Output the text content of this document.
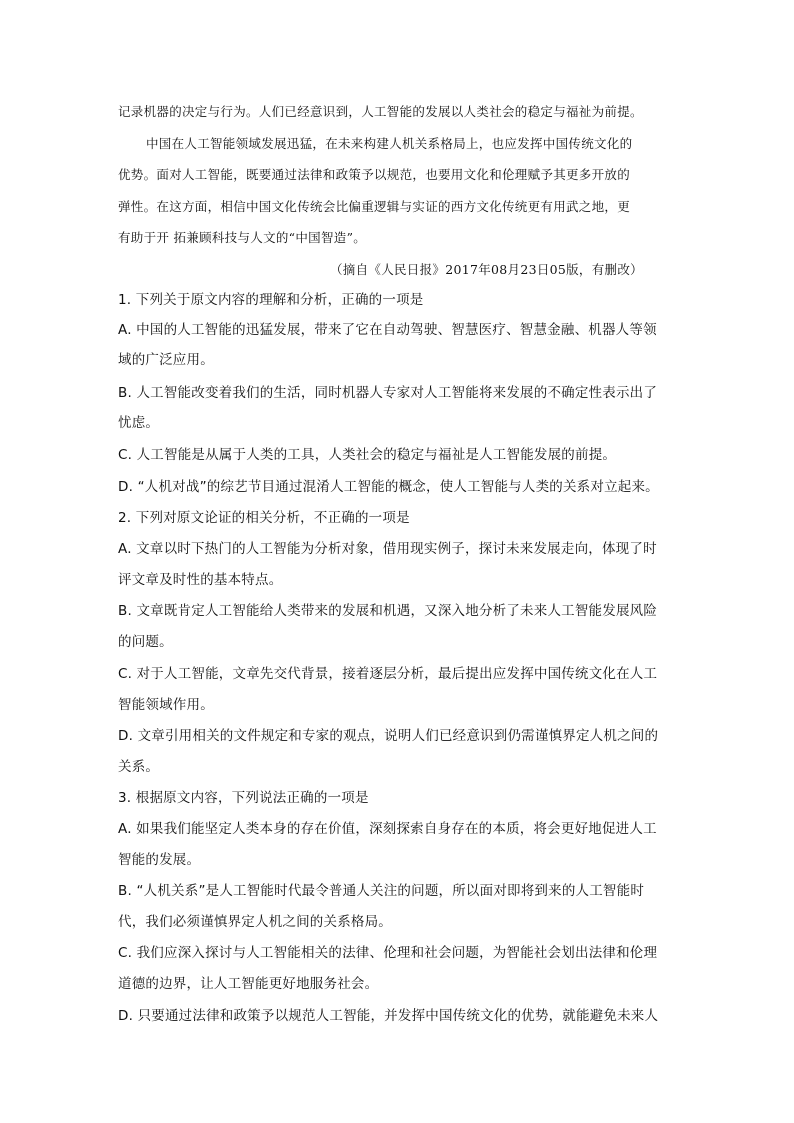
记录机器的决定与行为。人们已经意识到，人工智能的发展以人类社会的稳定与福祉为前提。
中国在人工智能领域发展迅猛，在未来构建人机关系格局上，也应发挥中国传统文化的
优势。面对人工智能，既要通过法律和政策予以规范，也要用文化和伦理赋予其更多开放的
弹性。在这方面，相信中国文化传统会比偏重逻辑与实证的西方文化传统更有用武之地，更
有助于开 拓兼顾科技与人文的“中国智造”。
（摘自《人民日报》2017年08月23日05版，有删改）
1. 下列关于原文内容的理解和分析，正确的一项是
A. 中国的人工智能的迅猛发展，带来了它在自动驾驶、智慧医疗、智慧金融、机器人等领
域的广泛应用。
B. 人工智能改变着我们的生活，同时机器人专家对人工智能将来发展的不确定性表示出了
忧虑。
C. 人工智能是从属于人类的工具，人类社会的稳定与福祉是人工智能发展的前提。
D. “人机对战”的综艺节目通过混淆人工智能的概念，使人工智能与人类的关系对立起来。
2. 下列对原文论证的相关分析，不正确的一项是
A. 文章以时下热门的人工智能为分析对象，借用现实例子，探讨未来发展走向，体现了时
评文章及时性的基本特点。
B. 文章既肯定人工智能给人类带来的发展和机遇，又深入地分析了未来人工智能发展风险
的问题。
C. 对于人工智能，文章先交代背景，接着逐层分析，最后提出应发挥中国传统文化在人工
智能领域作用。
D. 文章引用相关的文件规定和专家的观点，说明人们已经意识到仍需谨慎界定人机之间的
关系。
3. 根据原文内容，下列说法正确的一项是
A. 如果我们能坚定人类本身的存在价值，深刻探索自身存在的本质，将会更好地促进人工
智能的发展。
B. “人机关系”是人工智能时代最令普通人关注的问题，所以面对即将到来的人工智能时
代，我们必须谨慎界定人机之间的关系格局。
C. 我们应深入探讨与人工智能相关的法律、伦理和社会问题，为智能社会划出法律和伦理
道德的边界，让人工智能更好地服务社会。
D. 只要通过法律和政策予以规范人工智能，并发挥中国传统文化的优势，就能避免未来人
